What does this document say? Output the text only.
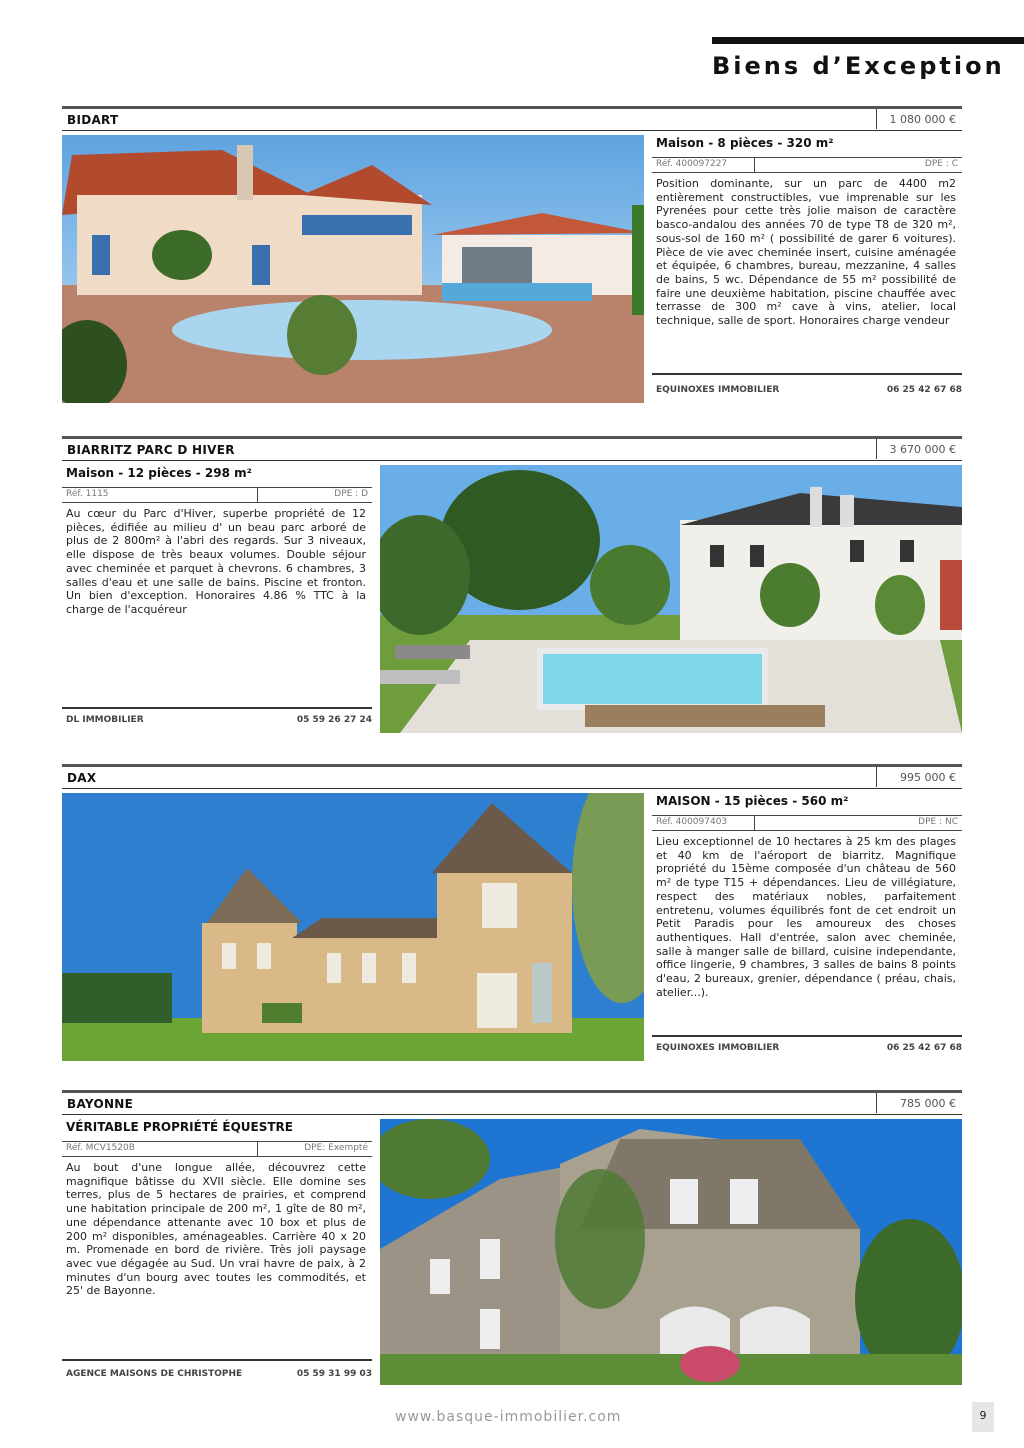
Biens d’Exception
BIDART	1 080 000 €
Maison - 8 pièces - 320 m²
Réf. 400097227	DPE : C
Position dominante, sur un parc de 4400 m2 entièrement constructibles, vue imprenable sur les Pyrenées pour cette très jolie maison de caractère basco-andalou des années 70 de type T8 de 320 m², sous-sol de 160 m² ( possibilité de garer 6 voitures). Pièce de vie avec cheminée insert, cuisine aménagée et équipée, 6 chambres, bureau, mezzanine, 4 salles de bains, 5 wc. Dépendance de 55 m² possibilité de faire une deuxième habitation, piscine chauffée avec terrasse de 300 m² cave à vins, atelier, local technique, salle de sport. Honoraires charge vendeur
EQUINOXES IMMOBILIER	06 25 42 67 68
BIARRITZ PARC D HIVER	3 670 000 €
Maison - 12 pièces - 298 m²
Réf. 1115	DPE : D
Au cœur du Parc d'Hiver, superbe propriété de 12 pièces, édifiée au milieu d' un beau parc arboré de plus de 2 800m² à l'abri des regards. Sur 3 niveaux, elle dispose de très beaux volumes. Double séjour avec cheminée et parquet à chevrons. 6 chambres, 3 salles d'eau et une salle de bains. Piscine et fronton. Un bien d'exception. Honoraires 4.86 % TTC à la charge de l'acquéreur
DL IMMOBILIER	05 59 26 27 24
DAX	995 000 €
MAISON - 15 pièces - 560 m²
Réf. 400097403	DPE : NC
Lieu exceptionnel de 10 hectares à 25 km des plages et 40 km de l'aéroport de biarritz. Magnifique propriété du 15ème composée d'un château de 560 m² de type T15 + dépendances. Lieu de villégiature, respect des matériaux nobles, parfaitement entretenu, volumes équilibrés font de cet endroit un Petit Paradis pour les amoureux des choses authentiques. Hall d'entrée, salon avec cheminée, salle à manger salle de billard, cuisine independante, office lingerie, 9 chambres, 3 salles de bains 8 points d'eau, 2 bureaux, grenier, dépendance ( préau, chais, atelier...).
EQUINOXES IMMOBILIER	06 25 42 67 68
BAYONNE	785 000 €
VÉRITABLE PROPRIÉTÉ ÉQUESTRE
Réf. MCV1520B	DPE: Exempté
Au bout d'une longue allée, découvrez cette magnifique bâtisse du XVII siècle. Elle domine ses terres, plus de 5 hectares de prairies, et comprend une habitation principale de 200 m², 1 gîte de 80 m², une dépendance attenante avec 10 box et plus de 200 m² disponibles, aménageables. Carrière 40 x 20 m. Promenade en bord de rivière. Très joli paysage avec vue dégagée au Sud. Un vrai havre de paix, à 2 minutes d'un bourg avec toutes les commodités, et 25' de Bayonne.
AGENCE MAISONS DE CHRISTOPHE	05 59 31 99 03
www.basque-immobilier.com	9
